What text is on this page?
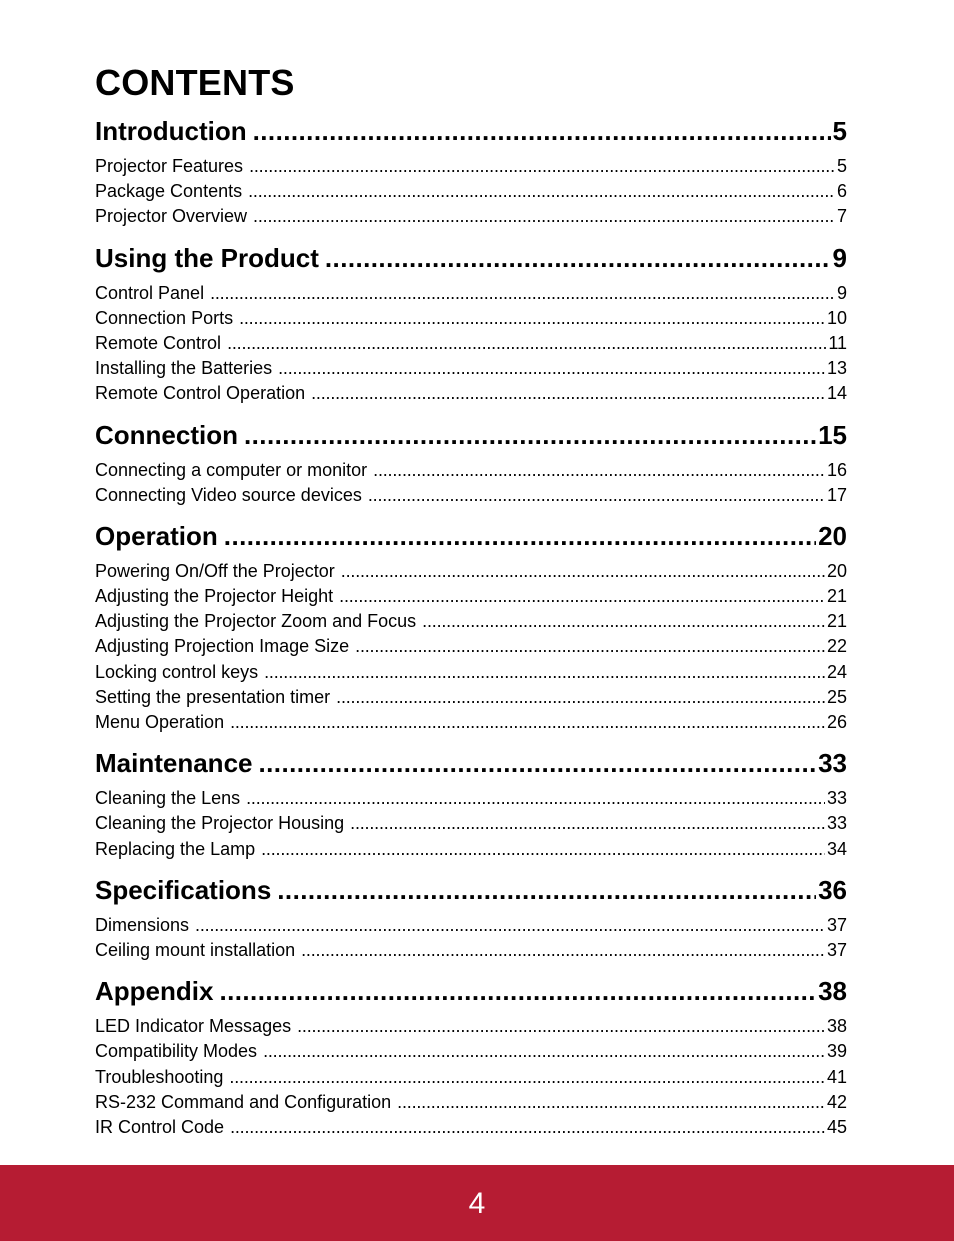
CONTENTS
Introduction . . .	5
Projector Features . . .	5
Package Contents . . .	6
Projector Overview . . .	7
Using the Product . . .	9
Control Panel . . .	9
Connection Ports . . .	10
Remote Control . . .	11
Installing the Batteries . . .	13
Remote Control Operation . . .	14
Connection . . .	15
Connecting a computer or monitor . . .	16
Connecting Video source devices . . .	17
Operation . . .	20
Powering On/Off the Projector . . .	20
Adjusting the Projector Height . . .	21
Adjusting the Projector Zoom and Focus . . .	21
Adjusting Projection Image Size . . .	22
Locking control keys . . .	24
Setting the presentation timer . . .	25
Menu Operation . . .	26
Maintenance . . .	33
Cleaning the Lens . . .	33
Cleaning the Projector Housing . . .	33
Replacing the Lamp . . .	34
Specifications . . .	36
Dimensions . . .	37
Ceiling mount installation . . .	37
Appendix . . .	38
LED Indicator Messages . . .	38
Compatibility Modes . . .	39
Troubleshooting . . .	41
RS-232 Command and Configuration . . .	42
IR Control Code . . .	45
4
